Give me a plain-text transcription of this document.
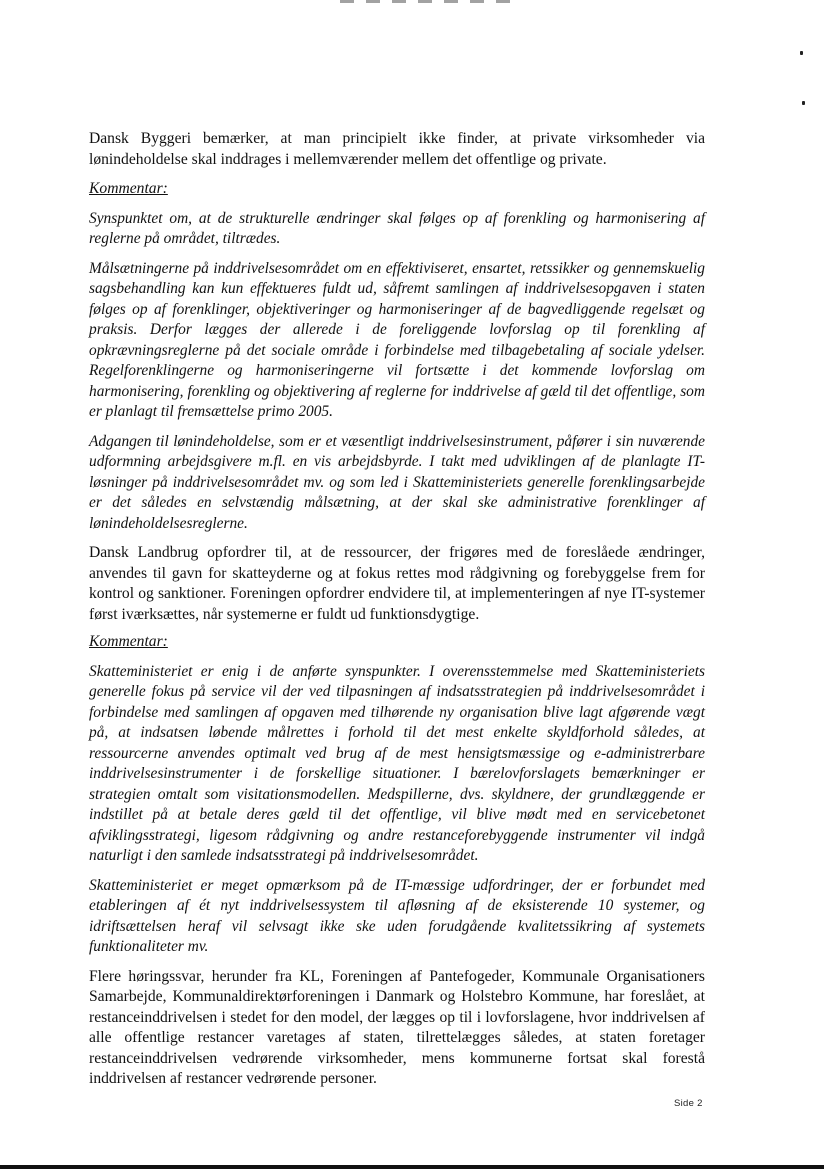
Dansk Byggeri bemærker, at man principielt ikke finder, at private virksomheder via lønindeholdelse skal inddrages i mellemværender mellem det offentlige og private.

Kommentar:

Synspunktet om, at de strukturelle ændringer skal følges op af forenkling og harmonisering af reglerne på området, tiltrædes.

Målsætningerne på inddrivelsesområdet om en effektiviseret, ensartet, retssikker og gennemskuelig sagsbehandling kan kun effektueres fuldt ud, såfremt samlingen af inddrivelsesopgaven i staten følges op af forenklinger, objektiveringer og harmoniseringer af de bagvedliggende regelsæt og praksis. Derfor lægges der allerede i de foreliggende lovforslag op til forenkling af opkrævningsreglerne på det sociale område i forbindelse med tilbagebetaling af sociale ydelser. Regelforenklingerne og harmoniseringerne vil fortsætte i det kommende lovforslag om harmonisering, forenkling og objektivering af reglerne for inddrivelse af gæld til det offentlige, som er planlagt til fremsættelse primo 2005.

Adgangen til lønindeholdelse, som er et væsentligt inddrivelsesinstrument, påfører i sin nuværende udformning arbejdsgivere m.fl. en vis arbejdsbyrde. I takt med udviklingen af de planlagte IT-løsninger på inddrivelsesområdet mv. og som led i Skatteministeriets generelle forenklingsarbejde er det således en selvstændig målsætning, at der skal ske administrative forenklinger af lønindeholdelsesreglerne.

Dansk Landbrug opfordrer til, at de ressourcer, der frigøres med de foreslåede ændringer, anvendes til gavn for skatteyderne og at fokus rettes mod rådgivning og forebyggelse frem for kontrol og sanktioner. Foreningen opfordrer endvidere til, at implementeringen af nye IT-systemer først iværksættes, når systemerne er fuldt ud funktionsdygtige.

Kommentar:

Skatteministeriet er enig i de anførte synspunkter. I overensstemmelse med Skatteministeriets generelle fokus på service vil der ved tilpasningen af indsatsstrategien på inddrivelsesområdet i forbindelse med samlingen af opgaven med tilhørende ny organisation blive lagt afgørende vægt på, at indsatsen løbende målrettes i forhold til det mest enkelte skyldforhold således, at ressourcerne anvendes optimalt ved brug af de mest hensigtsmæssige og e-administrerbare inddrivelsesinstrumenter i de forskellige situationer. I bærelovforslagets bemærkninger er strategien omtalt som visitationsmodellen. Medspillerne, dvs. skyldnere, der grundlæggende er indstillet på at betale deres gæld til det offentlige, vil blive mødt med en servicebetonet afviklingsstrategi, ligesom rådgivning og andre restanceforebyggende instrumenter vil indgå naturligt i den samlede indsatsstrategi på inddrivelsesområdet.

Skatteministeriet er meget opmærksom på de IT-mæssige udfordringer, der er forbundet med etableringen af ét nyt inddrivelsessystem til afløsning af de eksisterende 10 systemer, og idriftsættelsen heraf vil selvsagt ikke ske uden forudgående kvalitetssikring af systemets funktionaliteter mv.

Flere høringssvar, herunder fra KL, Foreningen af Pantefogeder, Kommunale Organisationers Samarbejde, Kommunaldirektørforeningen i Danmark og Holstebro Kommune, har foreslået, at restanceinddrivelsen i stedet for den model, der lægges op til i lovforslagene, hvor inddrivelsen af alle offentlige restancer varetages af staten, tilrettelægges således, at staten foretager restanceinddrivelsen vedrørende virksomheder, mens kommunerne fortsat skal forestå inddrivelsen af restancer vedrørende personer.

Side 2
